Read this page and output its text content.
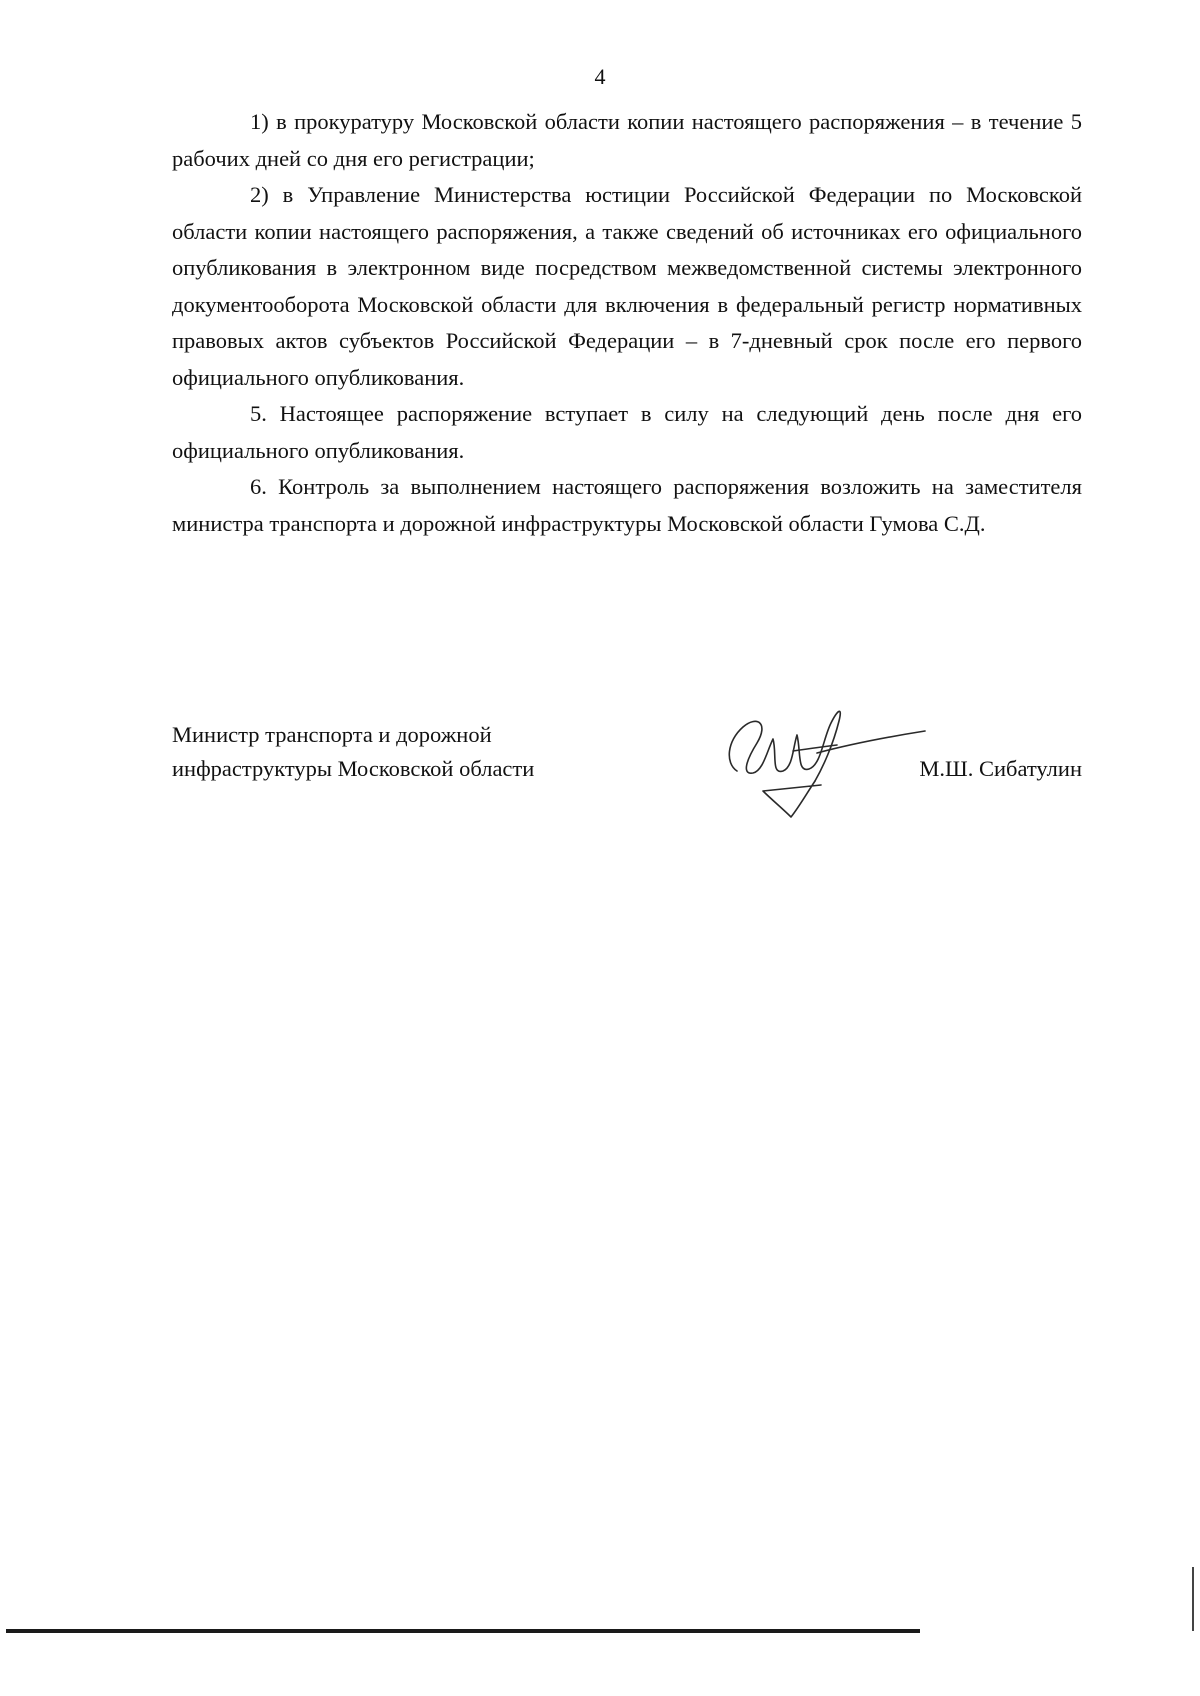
4

1) в прокуратуру Московской области копии настоящего распоряжения – в течение 5 рабочих дней со дня его регистрации;

2) в Управление Министерства юстиции Российской Федерации по Московской области копии настоящего распоряжения, а также сведений об источниках его официального опубликования в электронном виде посредством межведомственной системы электронного документооборота Московской области для включения в федеральный регистр нормативных правовых актов субъектов Российской Федерации – в 7-дневный срок после его первого официального опубликования.

5. Настоящее распоряжение вступает в силу на следующий день после дня его официального опубликования.

6. Контроль за выполнением настоящего распоряжения возложить на заместителя министра транспорта и дорожной инфраструктуры Московской области Гумова С.Д.

Министр транспорта и дорожной
инфраструктуры Московской области	М.Ш. Сибатулин
